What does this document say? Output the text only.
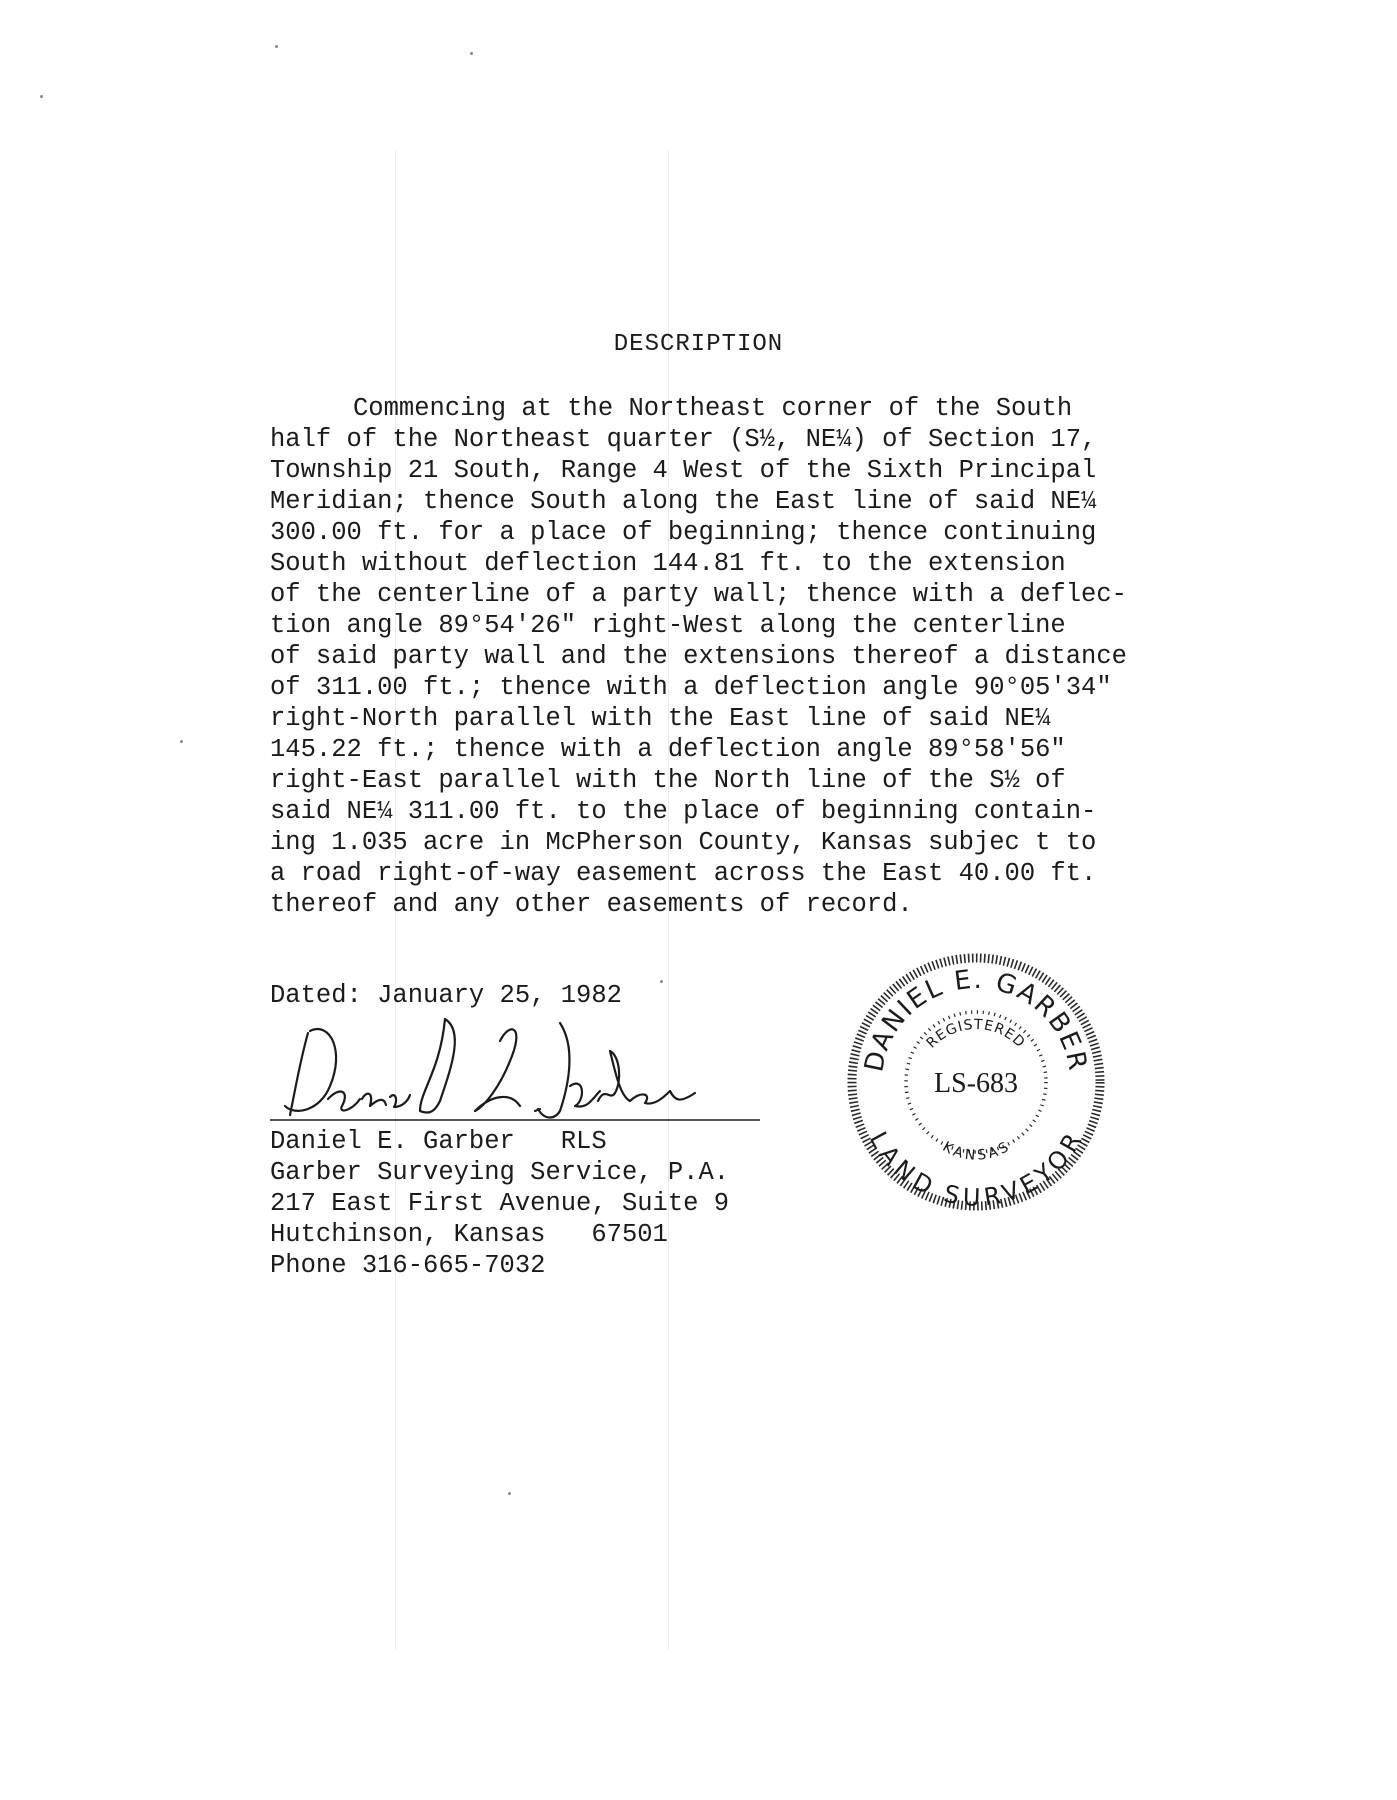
DESCRIPTION
Commencing at the Northeast corner of the South
half of the Northeast quarter (S½, NE¼) of Section 17,
Township 21 South, Range 4 West of the Sixth Principal
Meridian; thence South along the East line of said NE¼
300.00 ft. for a place of beginning; thence continuing
South without deflection 144.81 ft. to the extension
of the centerline of a party wall; thence with a deflec-
tion angle 89°54'26" right-West along the centerline
of said party wall and the extensions thereof a distance
of 311.00 ft.; thence with a deflection angle 90°05'34"
right-North parallel with the East line of said NE¼
145.22 ft.; thence with a deflection angle 89°58'56"
right-East parallel with the North line of the S½ of
said NE¼ 311.00 ft. to the place of beginning contain-
ing 1.035 acre in McPherson County, Kansas subjec t to
a road right-of-way easement across the East 40.00 ft.
thereof and any other easements of record.
Dated: January 25, 1982
Daniel E. Garber   RLS
Garber Surveying Service, P.A.
217 East First Avenue, Suite 9
Hutchinson, Kansas   67501
Phone 316-665-7032
DANIEL E. GARBER
LAND SURVEYOR
REGISTERED
KANSAS
LS-683
